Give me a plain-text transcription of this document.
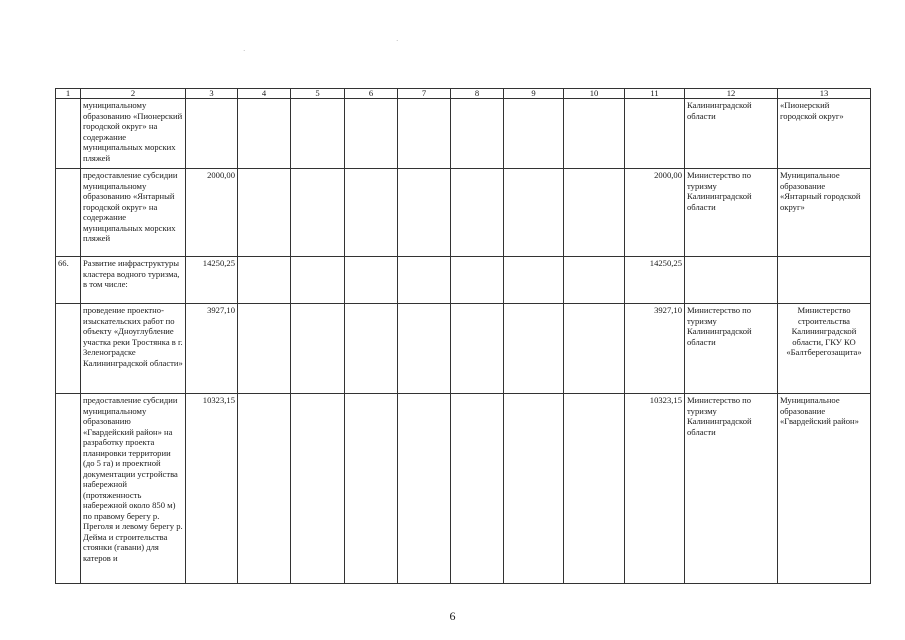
1	2	3	4	5	6	7	8	9	10	11	12	13
	муниципальному образованию «Пионерский городской округ» на содержание муниципальных морских пляжей										Калининградской области	«Пионерский городской округ»
	предоставление субсидии муниципальному образованию «Янтарный городской округ» на содержание муниципальных морских пляжей	2000,00								2000,00	Министерство по туризму Калининградской области	Муниципальное образование «Янтарный городской округ»
66.	Развитие инфраструктуры кластера водного туризма, в том числе:	14250,25								14250,25		
	проведение проектно-изыскательских работ по объекту «Дноуглубление участка реки Тростянка в г. Зеленоградске Калининградской области»	3927,10								3927,10	Министерство по туризму Калининградской области	Министерство строительства Калининградской области, ГКУ КО «Балтберегозащита»
	предоставление субсидии муниципальному образованию «Гвардейский район» на разработку проекта планировки территории (до 5 га) и проектной документации устройства набережной (протяженность набережной около 850 м) по правому берегу р. Преголя и левому берегу р. Дейма и строительства стоянки (гавани) для катеров и	10323,15								10323,15	Министерство по туризму Калининградской области	Муниципальное образование «Гвардейский район»
·
·
6
